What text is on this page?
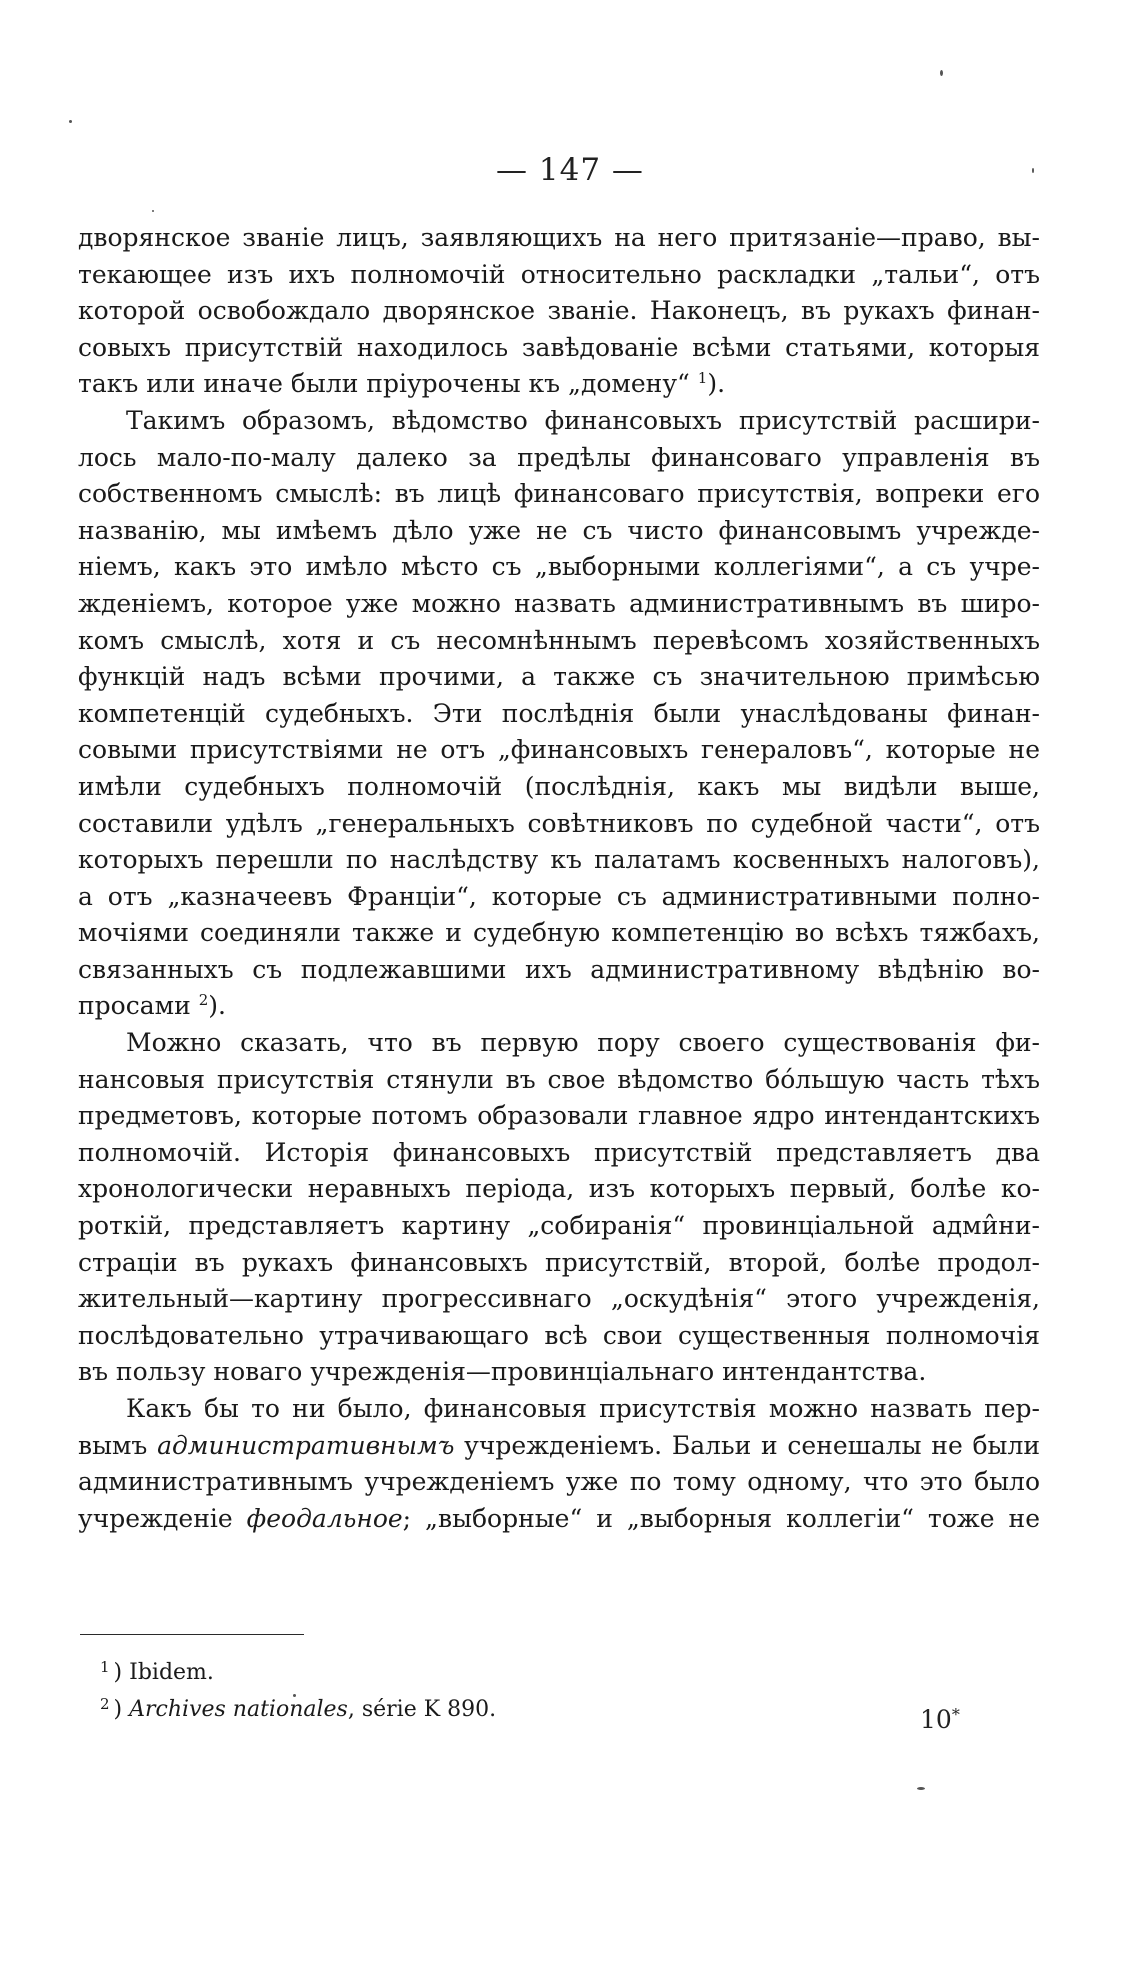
— 147 —
дворянское званіе лицъ, заявляющихъ на него притязаніе—право, вы-
текающее изъ ихъ полномочій относительно раскладки „тальи“, отъ
которой освобождало дворянское званіе. Наконецъ, въ рукахъ финан-
совыхъ присутствій находилось завѣдованіе всѣми статьями, которыя
такъ или иначе были пріурочены къ „домену“ $^1$).
Такимъ образомъ, вѣдомство финансовыхъ присутствій расшири-
лось мало-по-малу далеко за предѣлы финансоваго управленія въ
собственномъ смыслѣ: въ лицѣ финансоваго присутствія, вопреки его
названію, мы имѣемъ дѣло уже не съ чисто финансовымъ учрежде-
ніемъ, какъ это имѣло мѣсто съ „выборными коллегіями“, а съ учре-
жденіемъ, которое уже можно назвать административнымъ въ широ-
комъ смыслѣ, хотя и съ несомнѣннымъ перевѣсомъ хозяйственныхъ
функцій надъ всѣми прочими, а также съ значительною примѣсью
компетенцій судебныхъ. Эти послѣднія были унаслѣдованы финан-
совыми присутствіями не отъ „финансовыхъ генераловъ“, которые не
имѣли судебныхъ полномочій (послѣднія, какъ мы видѣли выше,
составили удѣлъ „генеральныхъ совѣтниковъ по судебной части“, отъ
которыхъ перешли по наслѣдству къ палатамъ косвенныхъ налоговъ),
а отъ „казначеевъ Франціи“, которые съ административными полно-
мочіями соединяли также и судебную компетенцію во всѣхъ тяжбахъ,
связанныхъ съ подлежавшими ихъ административному вѣдѣнію во-
просами $^2$).
Можно сказать, что въ первую пору своего существованія фи-
нансовыя присутствія стянули въ свое вѣдомство бо́льшую часть тѣхъ
предметовъ, которые потомъ образовали главное ядро интендантскихъ
полномочій. Исторія финансовыхъ присутствій представляетъ два
хронологически неравныхъ періода, изъ которыхъ первый, болѣе ко-
роткій, представляетъ картину „собиранія“ провинціальной адми̂ни-
страціи въ рукахъ финансовыхъ присутствій, второй, болѣе продол-
жительный—картину прогрессивнаго „оскудѣнія“ этого учрежденія,
послѣдовательно утрачивающаго всѣ свои существенныя полномочія
въ пользу новаго учрежденія—провинціальнаго интендантства.
Какъ бы то ни было, финансовыя присутствія можно назвать пер-
вымъ административнымъ учрежденіемъ. Бальи и сенешалы не были
административнымъ учрежденіемъ уже по тому одному, что это было
учрежденіе феодальное; „выборные“ и „выборныя коллегіи“ тоже не
$^1$ ) Ibidem.
$^2$ ) Archives nationales, série K 890.	10*
